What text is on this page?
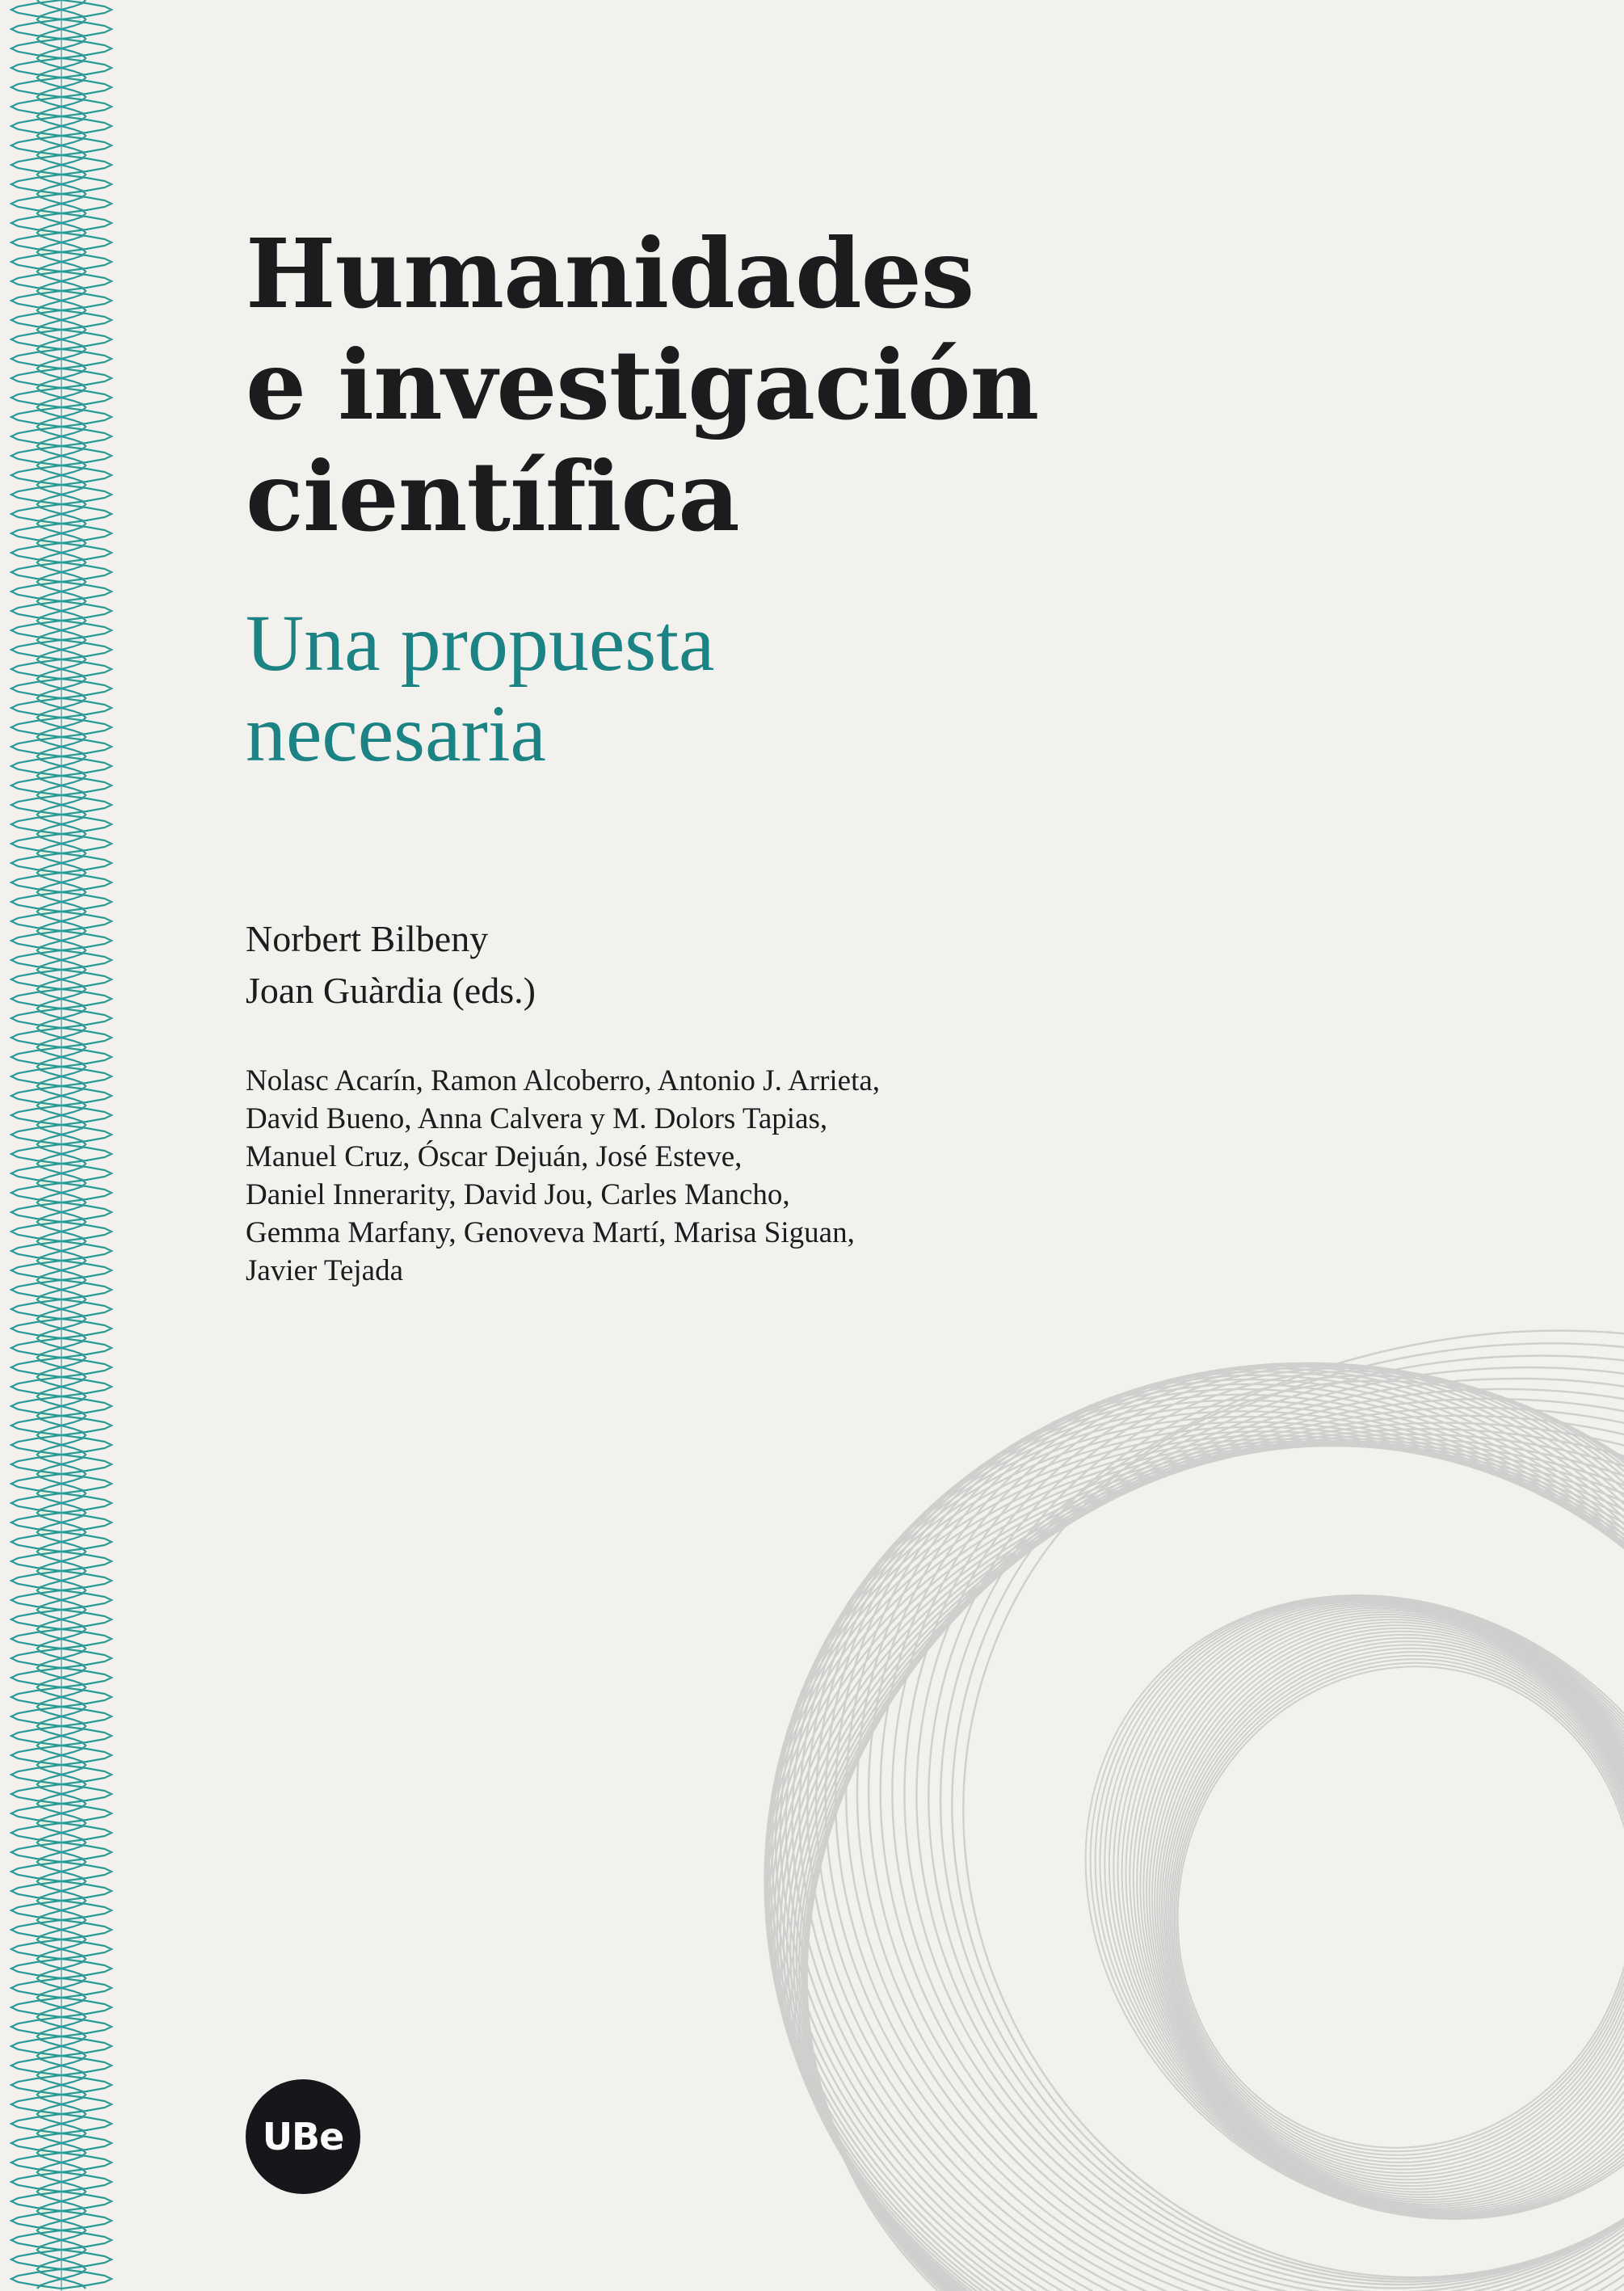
Humanidades
e investigación
científica
Una propuesta
necesaria
Norbert Bilbeny
Joan Guàrdia (eds.)
Nolasc Acarín, Ramon Alcoberro, Antonio J. Arrieta,
David Bueno, Anna Calvera y M. Dolors Tapias,
Manuel Cruz, Óscar Dejuán, José Esteve,
Daniel Innerarity, David Jou, Carles Mancho,
Gemma Marfany, Genoveva Martí, Marisa Siguan,
Javier Tejada
UBe
